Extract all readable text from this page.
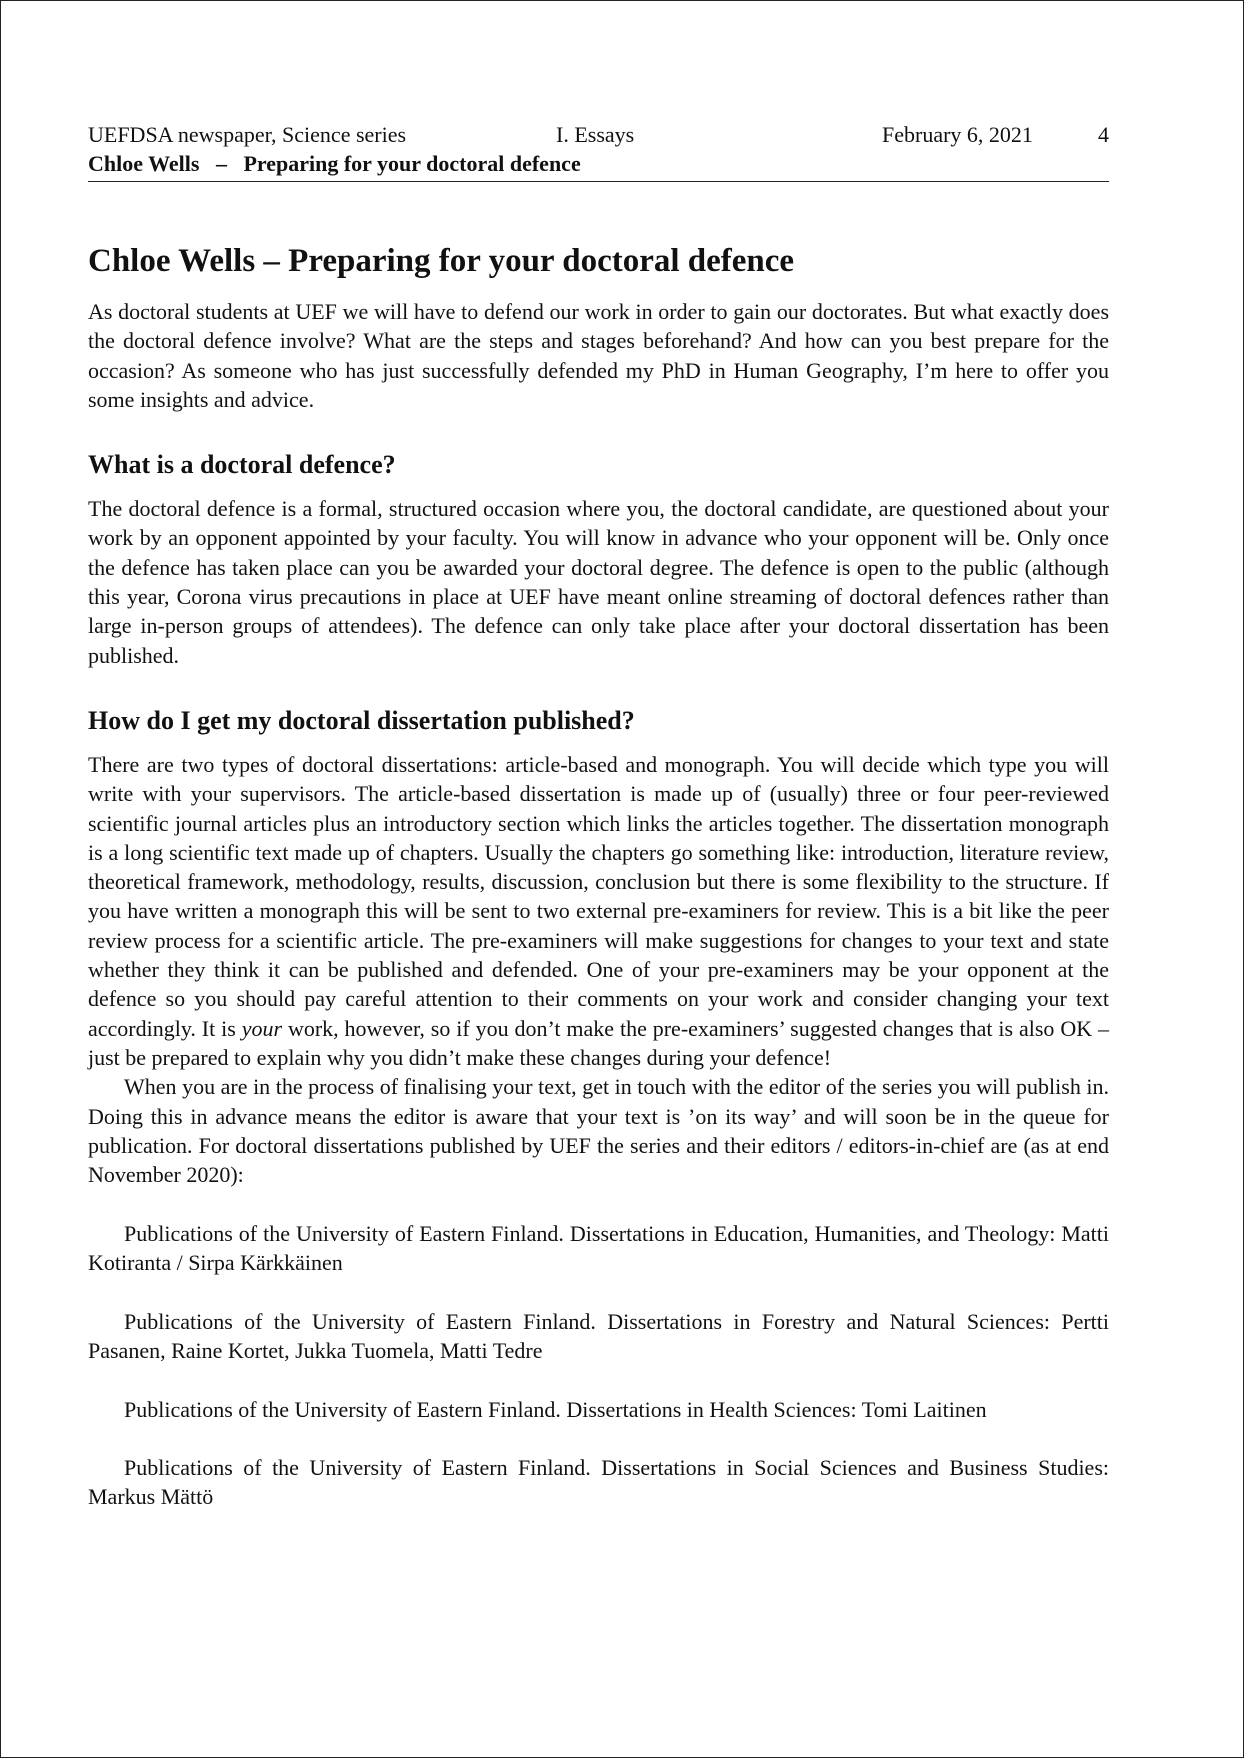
UEFDSA newspaper, Science series	I. Essays	February 6, 2021	4
Chloe Wells   –   Preparing for your doctoral defence
Chloe Wells – Preparing for your doctoral defence

As doctoral students at UEF we will have to defend our work in order to gain our doctorates. But what exactly does the doctoral defence involve? What are the steps and stages beforehand? And how can you best prepare for the occasion? As someone who has just successfully defended my PhD in Human Geography, I’m here to offer you some insights and advice.

What is a doctoral defence?

The doctoral defence is a formal, structured occasion where you, the doctoral candidate, are questioned about your work by an opponent appointed by your faculty. You will know in advance who your opponent will be. Only once the defence has taken place can you be awarded your doctoral degree. The defence is open to the public (although this year, Corona virus precautions in place at UEF have meant online streaming of doctoral defences rather than large in-person groups of attendees). The defence can only take place after your doctoral dissertation has been published.

How do I get my doctoral dissertation published?

There are two types of doctoral dissertations: article-based and monograph. You will decide which type you will write with your supervisors. The article-based dissertation is made up of (usually) three or four peer-reviewed scientific journal articles plus an introductory section which links the articles together. The dissertation monograph is a long scientific text made up of chapters. Usually the chapters go something like: introduction, literature review, theoretical framework, methodology, results, discussion, conclusion but there is some flexibility to the structure. If you have written a monograph this will be sent to two external pre-examiners for review. This is a bit like the peer review process for a scientific article. The pre-examiners will make suggestions for changes to your text and state whether they think it can be published and defended. One of your pre-examiners may be your opponent at the defence so you should pay careful attention to their comments on your work and consider changing your text accordingly. It is your work, however, so if you don’t make the pre-examiners’ suggested changes that is also OK – just be prepared to explain why you didn’t make these changes during your defence!

When you are in the process of finalising your text, get in touch with the editor of the series you will publish in. Doing this in advance means the editor is aware that your text is ’on its way’ and will soon be in the queue for publication. For doctoral dissertations published by UEF the series and their editors / editors-in-chief are (as at end November 2020):

Publications of the University of Eastern Finland. Dissertations in Education, Humanities, and Theology: Matti Kotiranta / Sirpa Kärkkäinen

Publications of the University of Eastern Finland. Dissertations in Forestry and Natural Sciences: Pertti Pasanen, Raine Kortet, Jukka Tuomela, Matti Tedre

Publications of the University of Eastern Finland. Dissertations in Health Sciences: Tomi Laitinen

Publications of the University of Eastern Finland. Dissertations in Social Sciences and Business Studies: Markus Mättö
